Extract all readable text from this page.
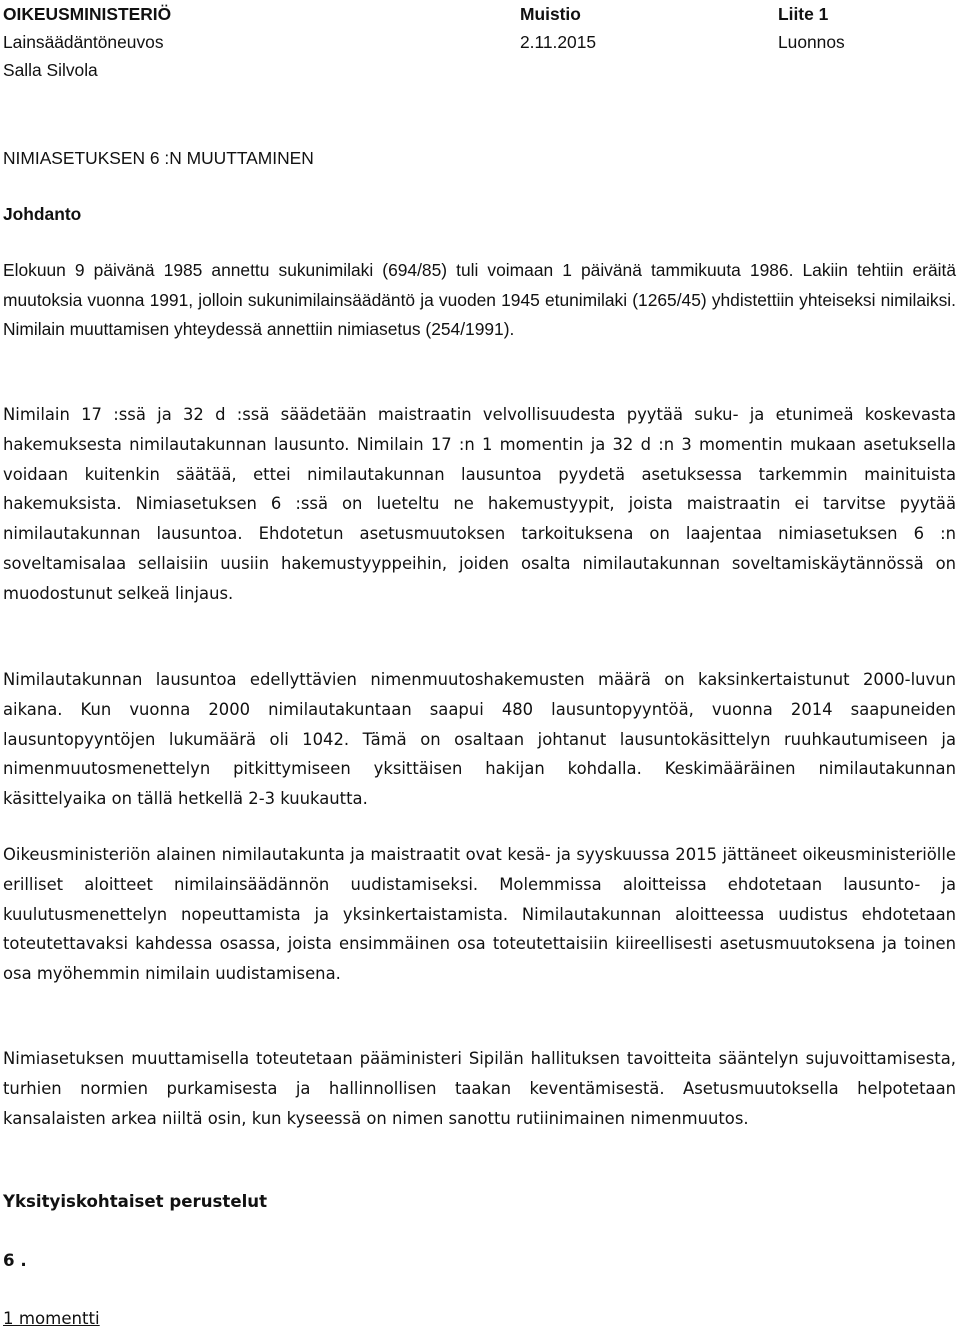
OIKEUSMINISTERIÖ	Muistio	Liite 1
Lainsäädäntöneuvos	2.11.2015	Luonnos
Salla Silvola
NIMIASETUKSEN 6 :N MUUTTAMINEN
Johdanto

Elokuun 9 päivänä 1985 annettu sukunimilaki (694/85) tuli voimaan 1 päivänä tammikuuta 1986. Lakiin tehtiin eräitä muutoksia vuonna 1991, jolloin sukunimilainsäädäntö ja vuoden 1945 etunimilaki (1265/45) yhdistettiin yhteiseksi nimilaiksi. Nimilain muuttamisen yhteydessä annettiin nimiasetus (254/1991).

Nimilain 17 :ssä ja 32 d :ssä säädetään maistraatin velvollisuudesta pyytää suku- ja etunimeä koskevasta hakemuksesta nimilautakunnan lausunto. Nimilain 17 :n 1 momentin ja 32 d :n 3 momentin mukaan asetuksella voidaan kuitenkin säätää, ettei nimilautakunnan lausuntoa pyydetä asetuksessa tarkemmin mainituista hakemuksista. Nimiasetuksen 6 :ssä on lueteltu ne hakemustyypit, joista maistraatin ei tarvitse pyytää nimilautakunnan lausuntoa. Ehdotetun asetusmuutoksen tarkoituksena on laajentaa nimiasetuksen 6 :n soveltamisalaa sellaisiin uusiin hakemustyyppeihin, joiden osalta nimilautakunnan soveltamiskäytännössä on muodostunut selkeä linjaus.

Nimilautakunnan lausuntoa edellyttävien nimenmuutoshakemusten määrä on kaksinkertaistunut 2000-luvun aikana. Kun vuonna 2000 nimilautakuntaan saapui 480 lausuntopyyntöä, vuonna 2014 saapuneiden lausuntopyyntöjen lukumäärä oli 1042. Tämä on osaltaan johtanut lausuntokäsittelyn ruuhkautumiseen ja nimenmuutosmenettelyn pitkittymiseen yksittäisen hakijan kohdalla. Keskimääräinen nimilautakunnan käsittelyaika on tällä hetkellä 2-3 kuukautta.

Oikeusministeriön alainen nimilautakunta ja maistraatit ovat kesä- ja syyskuussa 2015 jättäneet oikeusministeriölle erilliset aloitteet nimilainsäädännön uudistamiseksi. Molemmissa aloitteissa ehdotetaan lausunto- ja kuulutusmenettelyn nopeuttamista ja yksinkertaistamista. Nimilautakunnan aloitteessa uudistus ehdotetaan toteutettavaksi kahdessa osassa, joista ensimmäinen osa toteutettaisiin kiireellisesti asetusmuutoksena ja toinen osa myöhemmin nimilain uudistamisena.

Nimiasetuksen muuttamisella toteutetaan pääministeri Sipilän hallituksen tavoitteita sääntelyn sujuvoittamisesta, turhien normien purkamisesta ja hallinnollisen taakan keventämisestä. Asetusmuutoksella helpotetaan kansalaisten arkea niiltä osin, kun kyseessä on nimen sanottu rutiinimainen nimenmuutos.

Yksityiskohtaiset perustelut
6 .
1 momentti
